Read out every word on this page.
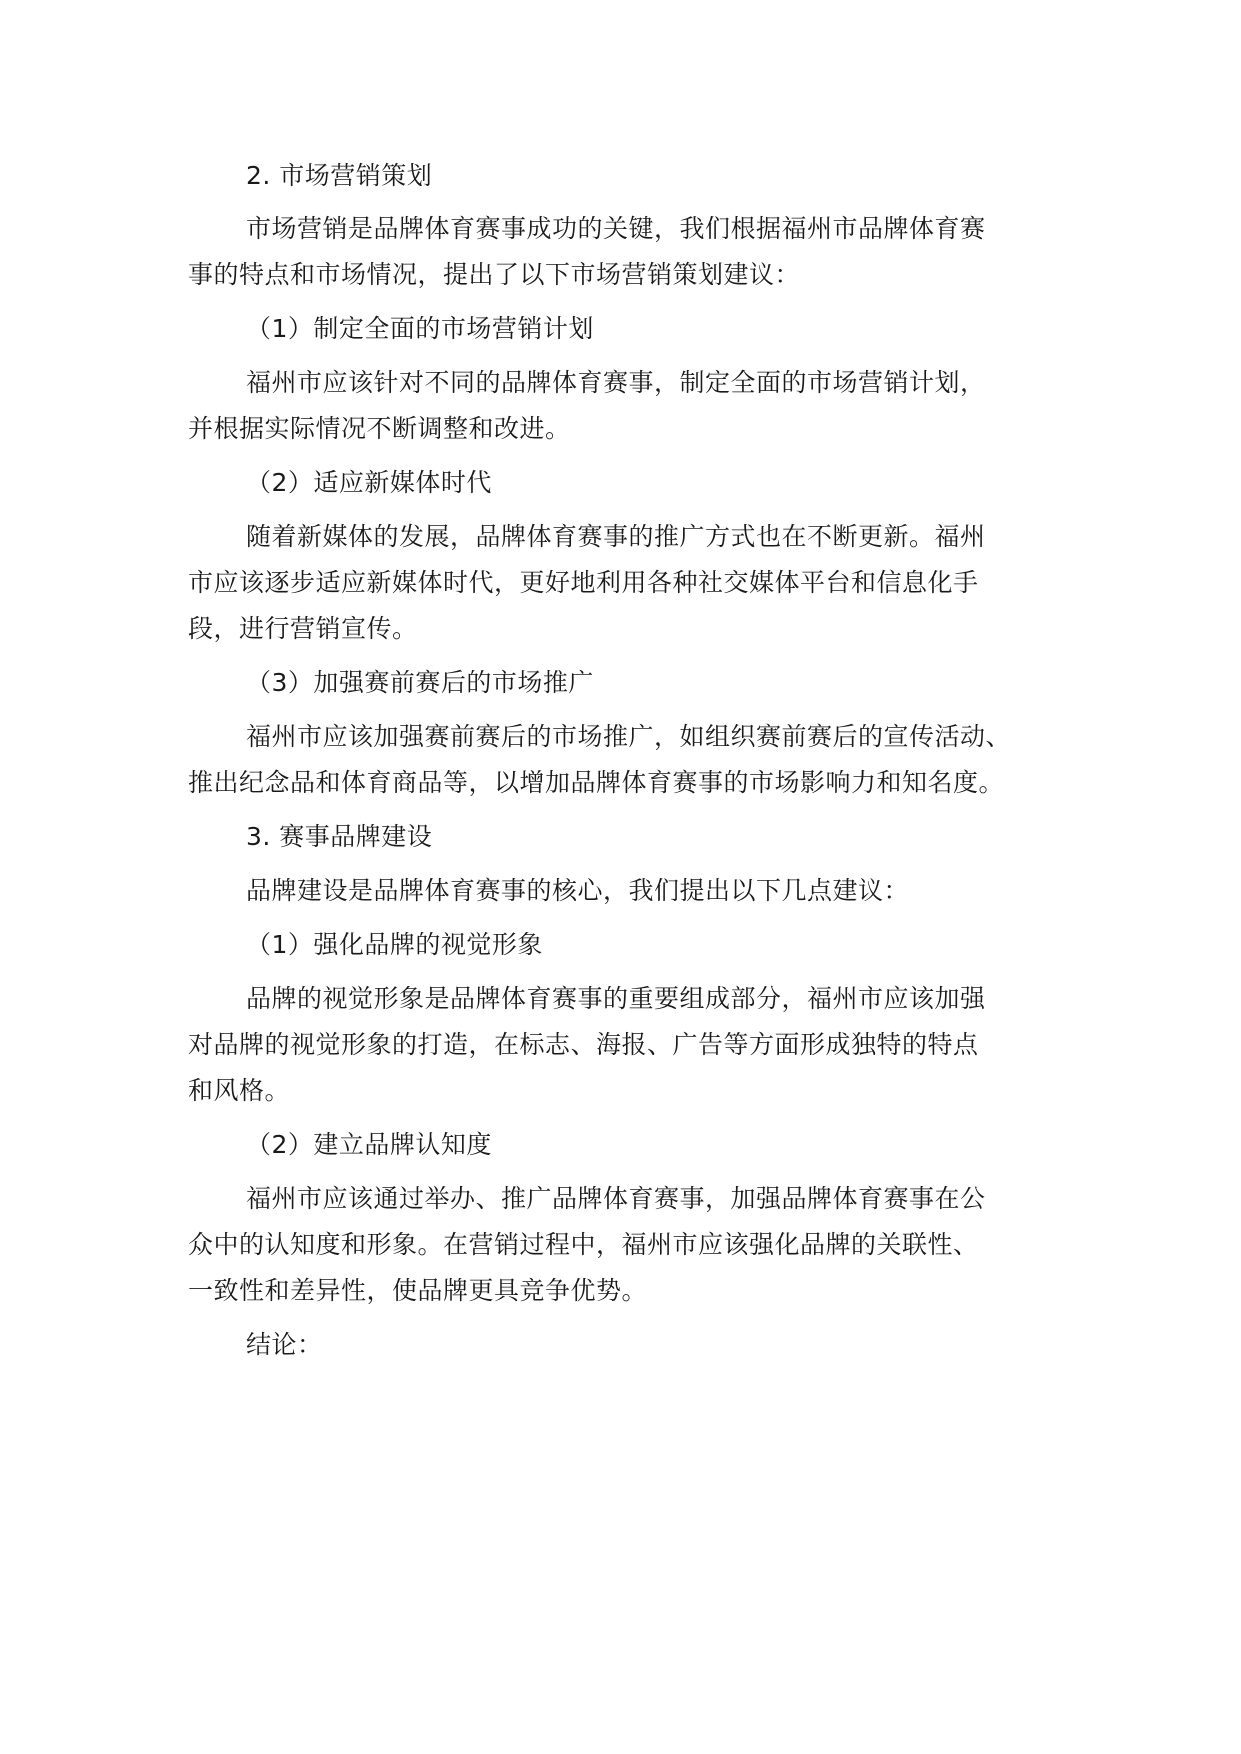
2. 市场营销策划
市场营销是品牌体育赛事成功的关键，我们根据福州市品牌体育赛
事的特点和市场情况，提出了以下市场营销策划建议：
（1）制定全面的市场营销计划
福州市应该针对不同的品牌体育赛事，制定全面的市场营销计划，
并根据实际情况不断调整和改进。
（2）适应新媒体时代
随着新媒体的发展，品牌体育赛事的推广方式也在不断更新。福州
市应该逐步适应新媒体时代，更好地利用各种社交媒体平台和信息化手
段，进行营销宣传。
（3）加强赛前赛后的市场推广
福州市应该加强赛前赛后的市场推广，如组织赛前赛后的宣传活动、
推出纪念品和体育商品等，以增加品牌体育赛事的市场影响力和知名度。
3. 赛事品牌建设
品牌建设是品牌体育赛事的核心，我们提出以下几点建议：
（1）强化品牌的视觉形象
品牌的视觉形象是品牌体育赛事的重要组成部分，福州市应该加强
对品牌的视觉形象的打造，在标志、海报、广告等方面形成独特的特点
和风格。
（2）建立品牌认知度
福州市应该通过举办、推广品牌体育赛事，加强品牌体育赛事在公
众中的认知度和形象。在营销过程中，福州市应该强化品牌的关联性、
一致性和差异性，使品牌更具竞争优势。
结论：
